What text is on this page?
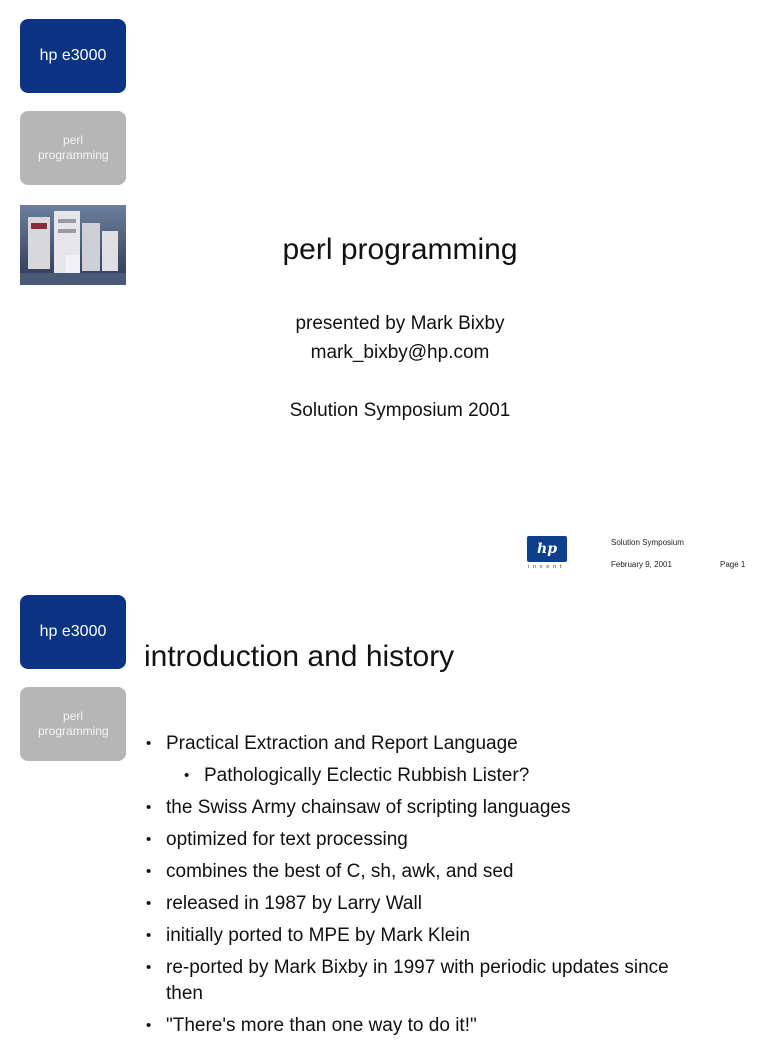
hp e3000
perl programming
perl programming
presented by Mark Bixby
mark_bixby@hp.com
Solution Symposium 2001
hp
invent
Solution Symposium
February 9, 2001	Page 1
hp e3000
perl programming
introduction and history
• Practical Extraction and Report Language
• Pathologically Eclectic Rubbish Lister?
• the Swiss Army chainsaw of scripting languages
• optimized for text processing
• combines the best of C, sh, awk, and sed
• released in 1987 by Larry Wall
• initially ported to MPE by Mark Klein
• re-ported by Mark Bixby in 1997 with periodic updates since then
• "There's more than one way to do it!"
